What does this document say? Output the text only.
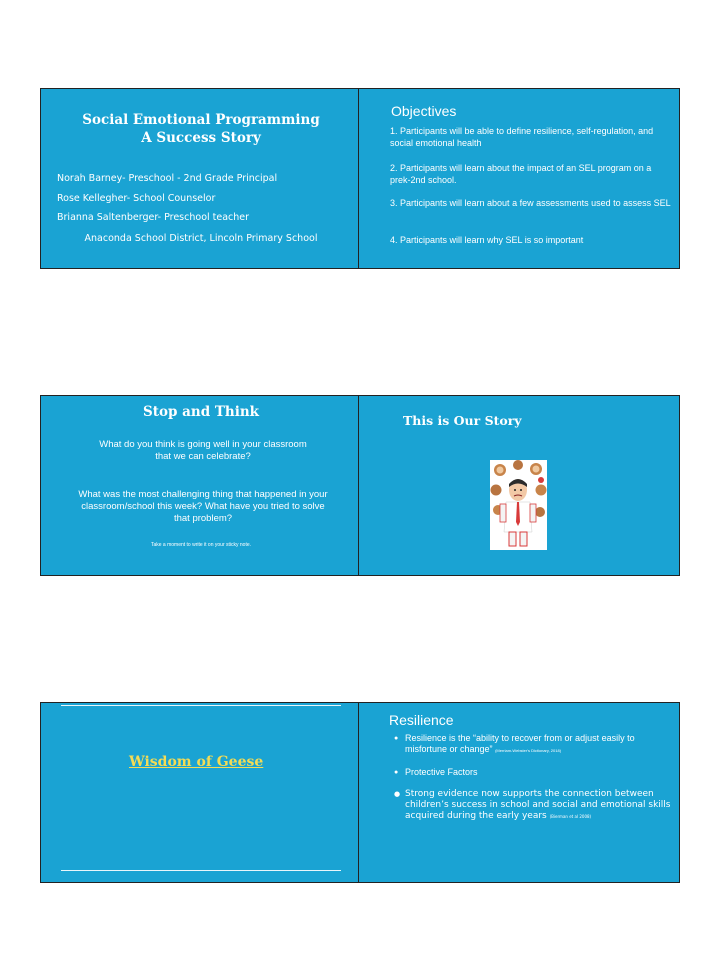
Social Emotional Programming
A Success Story
Norah Barney- Preschool - 2nd Grade Principal
Rose Kellegher- School Counselor
Brianna Saltenberger- Preschool teacher
Anaconda School District, Lincoln Primary School
Objectives
1. Participants will be able to define resilience, self-regulation, and social emotional health
2. Participants will learn about the impact of an SEL program on a prek-2nd school.
3. Participants will learn about a few assessments used to assess SEL
4. Participants will learn why SEL is so important
Stop and Think
What do you think is going well in your classroom that we can celebrate?
What was the most challenging thing that happened in your classroom/school this week? What have you tried to solve that problem?
Take a moment to write it on your sticky note.
This is Our Story
Wisdom of Geese
Resilience
● Resilience is the “ability to recover from or adjust easily to misfortune or change” (Merriam-Webster's Dictionary, 2018)
● Protective Factors
● Strong evidence now supports the connection between children’s success in school and social and emotional skills acquired during the early years (Bierman et al 2008)
